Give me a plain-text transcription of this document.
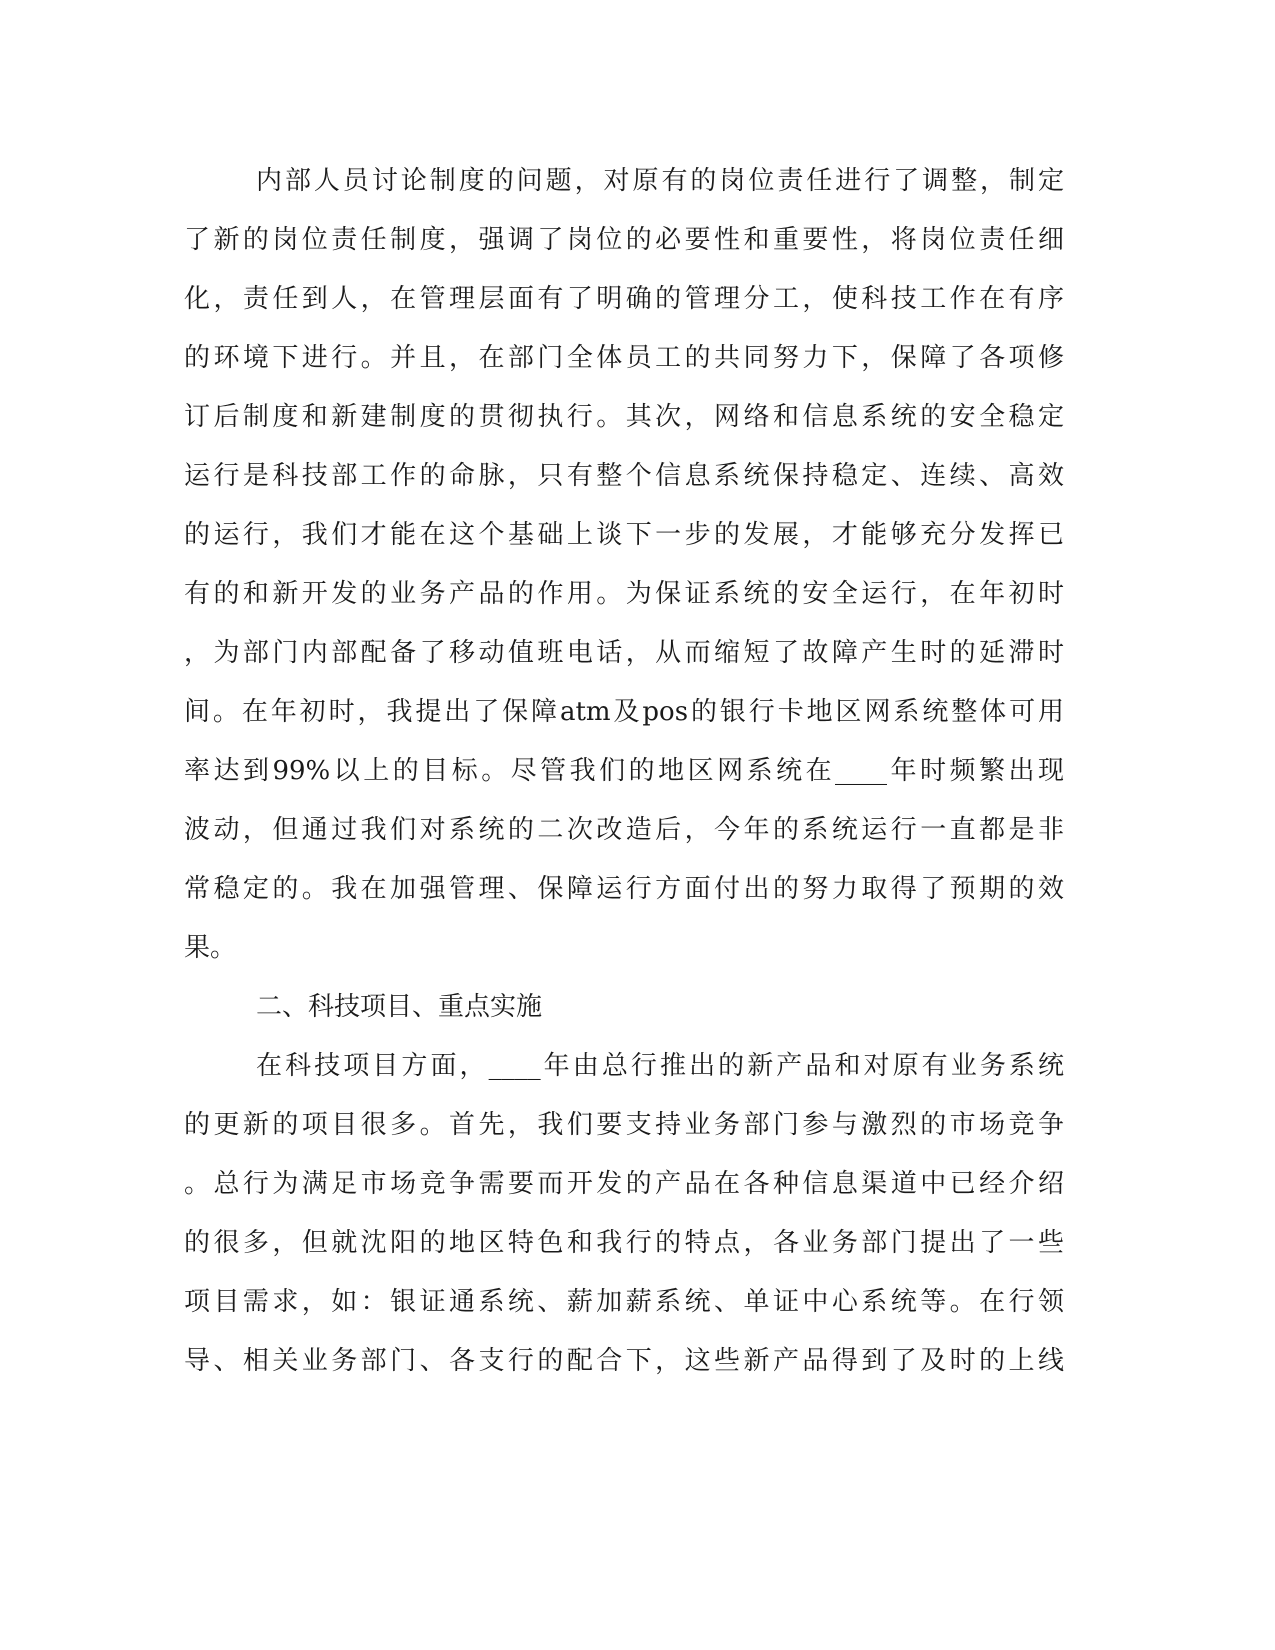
内部人员讨论制度的问题，对原有的岗位责任进行了调整，制定
了新的岗位责任制度，强调了岗位的必要性和重要性，将岗位责任细
化，责任到人，在管理层面有了明确的管理分工，使科技工作在有序
的环境下进行。并且，在部门全体员工的共同努力下，保障了各项修
订后制度和新建制度的贯彻执行。其次，网络和信息系统的安全稳定
运行是科技部工作的命脉，只有整个信息系统保持稳定、连续、高效
的运行，我们才能在这个基础上谈下一步的发展，才能够充分发挥已
有的和新开发的业务产品的作用。为保证系统的安全运行，在年初时
，为部门内部配备了移动值班电话，从而缩短了故障产生时的延滞时
间。在年初时，我提出了保障atm及pos的银行卡地区网系统整体可用
率达到99%以上的目标。尽管我们的地区网系统在____年时频繁出现
波动，但通过我们对系统的二次改造后，今年的系统运行一直都是非
常稳定的。我在加强管理、保障运行方面付出的努力取得了预期的效
果。
二、科技项目、重点实施
在科技项目方面，____年由总行推出的新产品和对原有业务系统
的更新的项目很多。首先，我们要支持业务部门参与激烈的市场竞争
。总行为满足市场竞争需要而开发的产品在各种信息渠道中已经介绍
的很多，但就沈阳的地区特色和我行的特点，各业务部门提出了一些
项目需求，如：银证通系统、薪加薪系统、单证中心系统等。在行领
导、相关业务部门、各支行的配合下，这些新产品得到了及时的上线
